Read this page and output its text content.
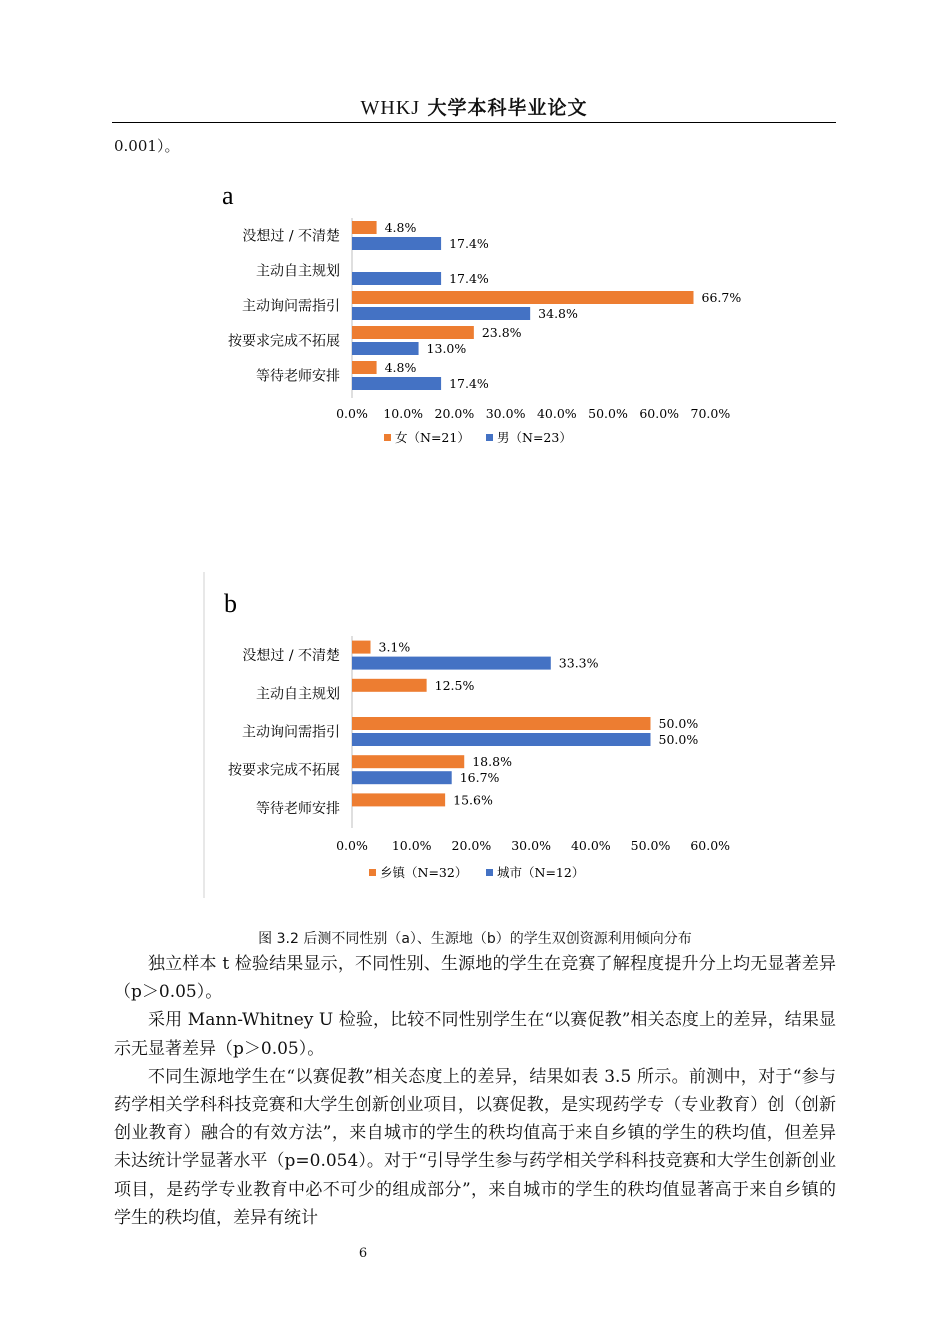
WHKJ 大学本科毕业论文
0.001）。
a
没想过 / 不清楚
4.8%
17.4%
主动自主规划	17.4%
主动询问需指引
66.7%
34.8%
按要求完成不拓展
23.8%
13.0%
等待老师安排
4.8%
17.4%
0.0% 10.0% 20.0% 30.0% 40.0% 50.0% 60.0% 70.0%
女（N=21） 男（N=23）
b
没想过 / 不清楚
3.1%
33.3%
主动自主规划
12.5%
主动询问需指引
50.0%
50.0%
按要求完成不拓展
18.8%
16.7%
等待老师安排
15.6%
0.0% 10.0% 20.0% 30.0% 40.0% 50.0% 60.0%
乡镇（N=32） 城市（N=12）
图 3.2 后测不同性别（a）、生源地（b）的学生双创资源利用倾向分布

独立样本 t 检验结果显示，不同性别、生源地的学生在竞赛了解程度提升分上均无显著差异（p＞0.05）。

采用 Mann-Whitney U 检验，比较不同性别学生在“以赛促教”相关态度上的差异，结果显示无显著差异（p＞0.05）。

不同生源地学生在“以赛促教”相关态度上的差异，结果如表 3.5 所示。前测中，对于“参与药学相关学科科技竞赛和大学生创新创业项目，以赛促教，是实现药学专（专业教育）创（创新创业教育）融合的有效方法”，来自城市的学生的秩均值高于来自乡镇的学生的秩均值，但差异未达统计学显著水平（p=0.054）。对于“引导学生参与药学相关学科科技竞赛和大学生创新创业项目，是药学专业教育中必不可少的组成部分”，来自城市的学生的秩均值显著高于来自乡镇的学生的秩均值，差异有统计

6
